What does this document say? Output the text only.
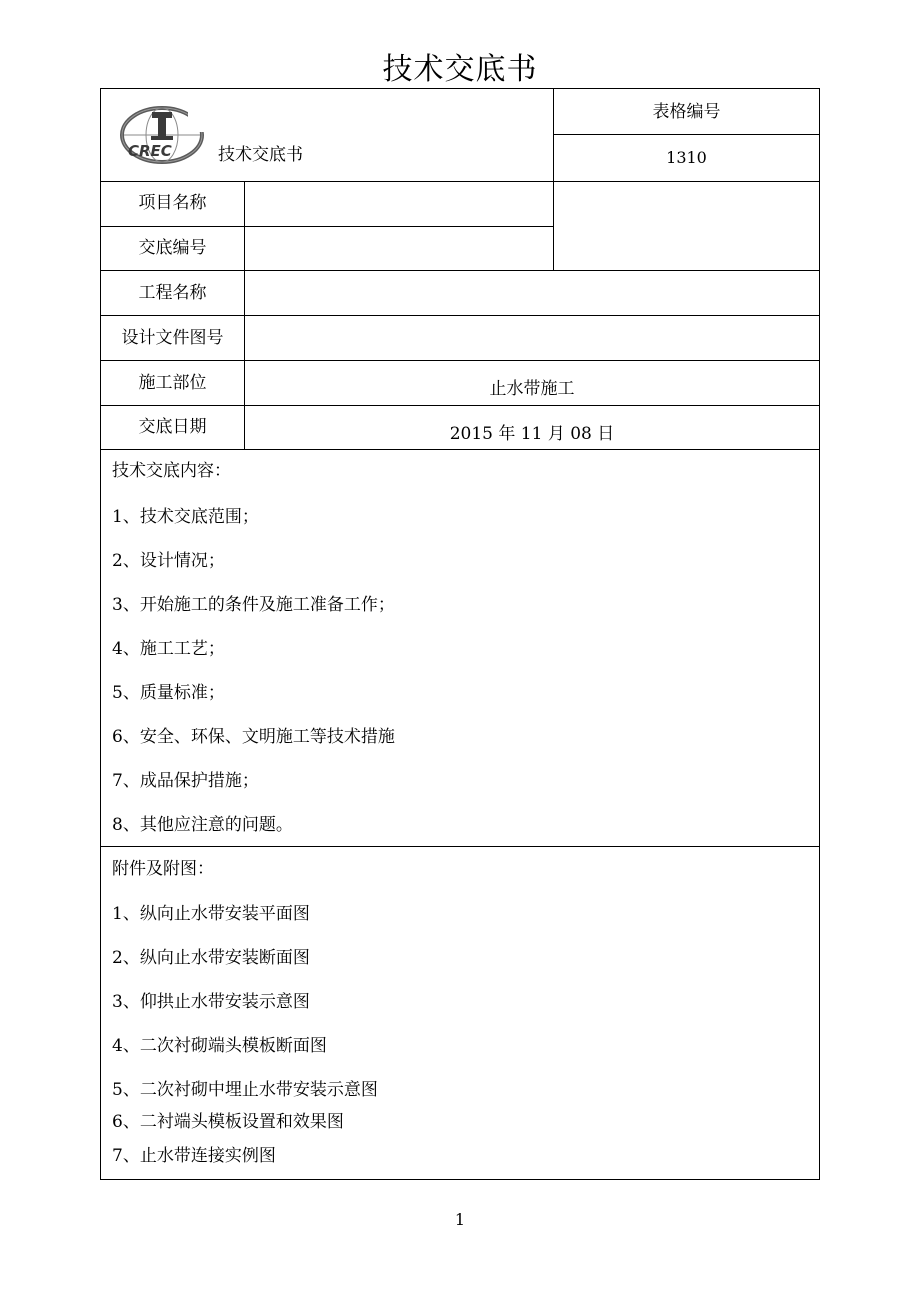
技术交底书
CREC	技术交底书
表格编号
1310
项目名称
交底编号
工程名称
设计文件图号
施工部位	止水带施工
交底日期	2015 年 11 月 08 日
技术交底内容：
1、技术交底范围；
2、设计情况；
3、开始施工的条件及施工准备工作；
4、施工工艺；
5、质量标准；
6、安全、环保、文明施工等技术措施
7、成品保护措施；
8、其他应注意的问题。
附件及附图：
1、纵向止水带安装平面图
2、纵向止水带安装断面图
3、仰拱止水带安装示意图
4、二次衬砌端头模板断面图
5、二次衬砌中埋止水带安装示意图
6、二衬端头模板设置和效果图
7、止水带连接实例图
1
